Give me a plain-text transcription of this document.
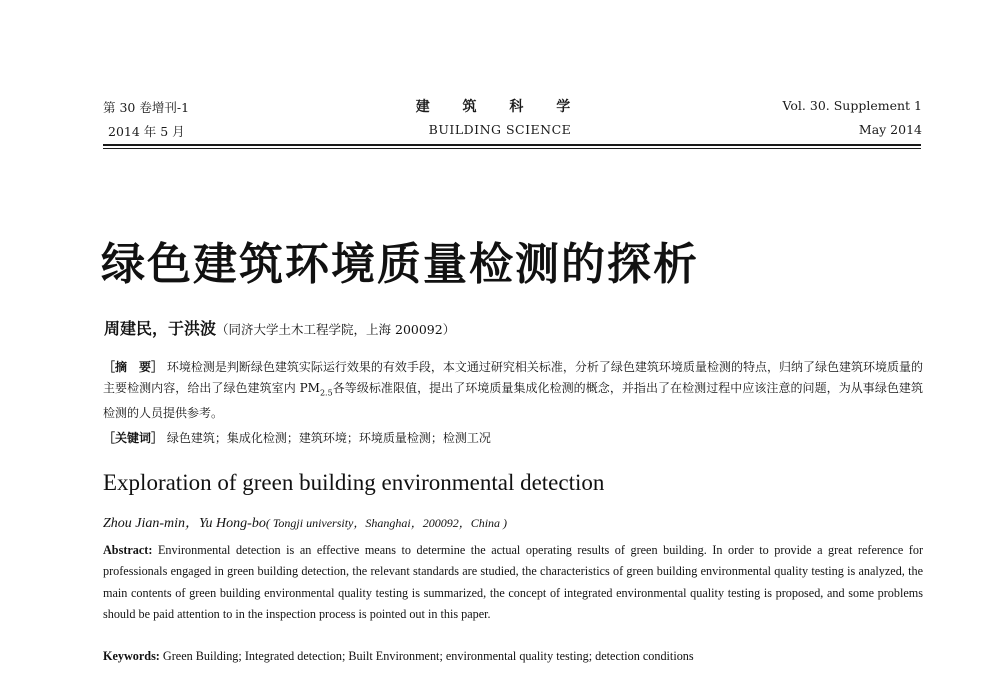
第 30 卷增刊-1
2014 年 5 月
建 筑 科 学
BUILDING SCIENCE
Vol. 30. Supplement 1
May 2014
绿色建筑环境质量检测的探析
周建民，于洪波（同济大学土木工程学院，上海 200092）
［摘　要］ 环境检测是判断绿色建筑实际运行效果的有效手段，本文通过研究相关标准，分析了绿色建筑环境质量检测的特点，归纳了绿色建筑环境质量的主要检测内容，给出了绿色建筑室内 $PM_{2.5}$各等级标准限值，提出了环境质量集成化检测的概念，并指出了在检测过程中应该注意的问题，为从事绿色建筑检测的人员提供参考。
［关键词］ 绿色建筑；集成化检测；建筑环境；环境质量检测；检测工况
Exploration of green building environmental detection
Zhou Jian-min，Yu Hong-bo( Tongji university，Shanghai，200092，China )
Abstract: Environmental detection is an effective means to determine the actual operating results of green building. In order to provide a great reference for professionals engaged in green building detection, the relevant standards are studied, the characteristics of green building environmental quality testing is analyzed, the main contents of green building environmental quality testing is summarized, the concept of integrated environmental quality testing is proposed, and some problems should be paid attention to in the inspection process is pointed out in this paper.
Keywords: Green Building; Integrated detection; Built Environment; environmental quality testing; detection conditions
